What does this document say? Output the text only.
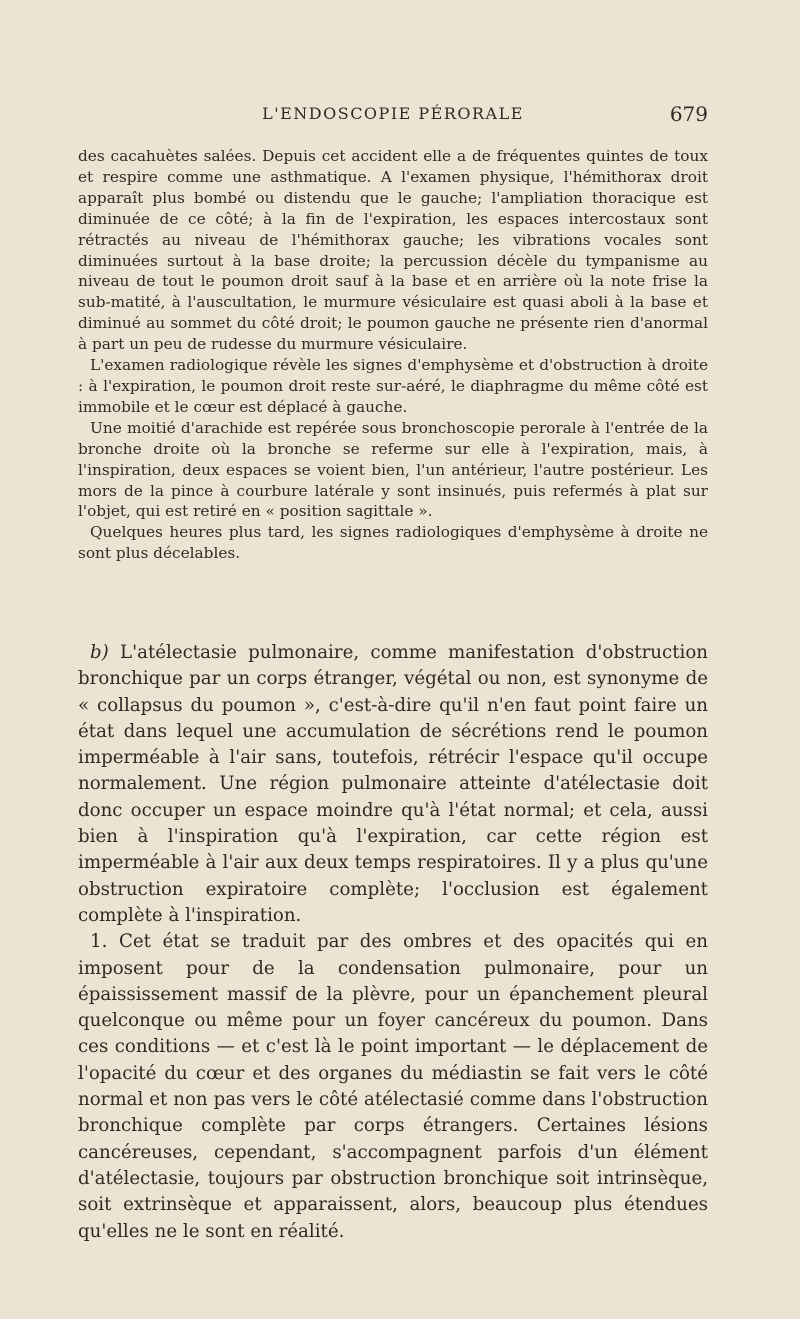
L'ENDOSCOPIE PÉRORALE	679

des cacahuètes salées. Depuis cet accident elle a de fréquentes quintes de toux et respire comme une asthmatique. A l'examen physique, l'hémithorax droit apparaît plus bombé ou distendu que le gauche; l'ampliation thoracique est diminuée de ce côté; à la fin de l'expiration, les espaces intercostaux sont rétractés au niveau de l'hémithorax gauche; les vibrations vocales sont diminuées surtout à la base droite; la percussion décèle du tympanisme au niveau de tout le poumon droit sauf à la base et en arrière où la note frise la sub-matité, à l'auscultation, le murmure vésiculaire est quasi aboli à la base et diminué au sommet du côté droit; le poumon gauche ne présente rien d'anormal à part un peu de rudesse du murmure vésiculaire.

L'examen radiologique révèle les signes d'emphysème et d'obstruction à droite : à l'expiration, le poumon droit reste sur-aéré, le diaphragme du même côté est immobile et le cœur est déplacé à gauche.

Une moitié d'arachide est repérée sous bronchoscopie perorale à l'entrée de la bronche droite où la bronche se referme sur elle à l'expiration, mais, à l'inspiration, deux espaces se voient bien, l'un antérieur, l'autre postérieur. Les mors de la pince à courbure latérale y sont insinués, puis refermés à plat sur l'objet, qui est retiré en « position sagittale ».

Quelques heures plus tard, les signes radiologiques d'emphysème à droite ne sont plus décelables.

b) L'atélectasie pulmonaire, comme manifestation d'obstruction bronchique par un corps étranger, végétal ou non, est synonyme de « collapsus du poumon », c'est-à-dire qu'il n'en faut point faire un état dans lequel une accumulation de sécrétions rend le poumon imperméable à l'air sans, toutefois, rétrécir l'espace qu'il occupe normalement. Une région pulmonaire atteinte d'atélectasie doit donc occuper un espace moindre qu'à l'état normal; et cela, aussi bien à l'inspiration qu'à l'expiration, car cette région est imperméable à l'air aux deux temps respiratoires. Il y a plus qu'une obstruction expiratoire complète; l'occlusion est également complète à l'inspiration.

1. Cet état se traduit par des ombres et des opacités qui en imposent pour de la condensation pulmonaire, pour un épaississement massif de la plèvre, pour un épanchement pleural quelconque ou même pour un foyer cancéreux du poumon. Dans ces conditions — et c'est là le point important — le déplacement de l'opacité du cœur et des organes du médiastin se fait vers le côté normal et non pas vers le côté atélectasié comme dans l'obstruction bronchique complète par corps étrangers. Certaines lésions cancéreuses, cependant, s'accompagnent parfois d'un élément d'atélectasie, toujours par obstruction bronchique soit intrinsèque, soit extrinsèque et apparaissent, alors, beaucoup plus étendues qu'elles ne le sont en réalité.
